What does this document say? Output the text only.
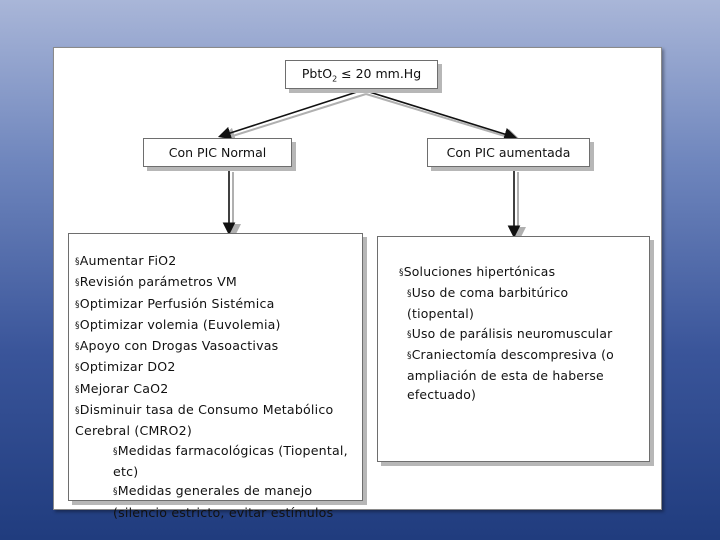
PbtO$_2$ ≤ 20 mm.Hg
Con PIC Normal	Con PIC aumentada
§Aumentar FiO2
§Revisión parámetros VM
§Optimizar Perfusión Sistémica
§Optimizar volemia (Euvolemia)
§Apoyo con Drogas Vasoactivas
§Optimizar DO2
§Mejorar CaO2
§Disminuir tasa de Consumo Metabólico
Cerebral (CMRO2)
§Medidas farmacológicas (Tiopental,
etc)
§Medidas generales de manejo
(silencio estricto, evitar estímulos
§Soluciones hipertónicas
§Uso de coma barbitúrico
(tiopental)
§Uso de parálisis neuromuscular
§Craniectomía descompresiva (o
ampliación de esta de haberse
efectuado)
